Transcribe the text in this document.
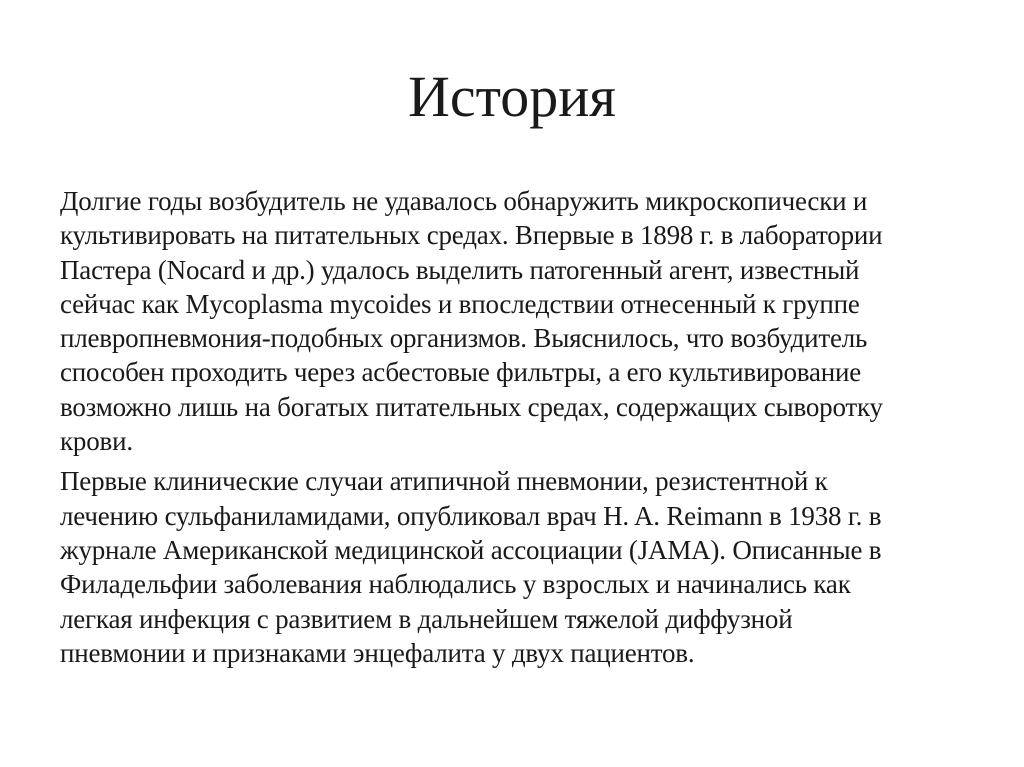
История

Долгие годы возбудитель не удавалось обнаружить микроскопически и
культивировать на питательных средах. Впервые в 1898 г. в лаборатории
Пастера (Nocard и др.) удалось выделить патогенный агент, известный
сейчас как Mycoplasma mycoides и впоследствии отнесенный к группе
плевропневмония-подобных организмов. Выяснилось, что возбудитель
способен проходить через асбестовые фильтры, а его культивирование
возможно лишь на богатых питательных средах, содержащих сыворотку
крови.

Первые клинические случаи атипичной пневмонии, резистентной к
лечению сульфаниламидами, опубликовал врач H. A. Reimann в 1938 г. в
журнале Американской медицинской ассоциации (JAMA). Описанные в
Филадельфии заболевания наблюдались у взрослых и начинались как
легкая инфекция с развитием в дальнейшем тяжелой диффузной
пневмонии и признаками энцефалита у двух пациентов.
